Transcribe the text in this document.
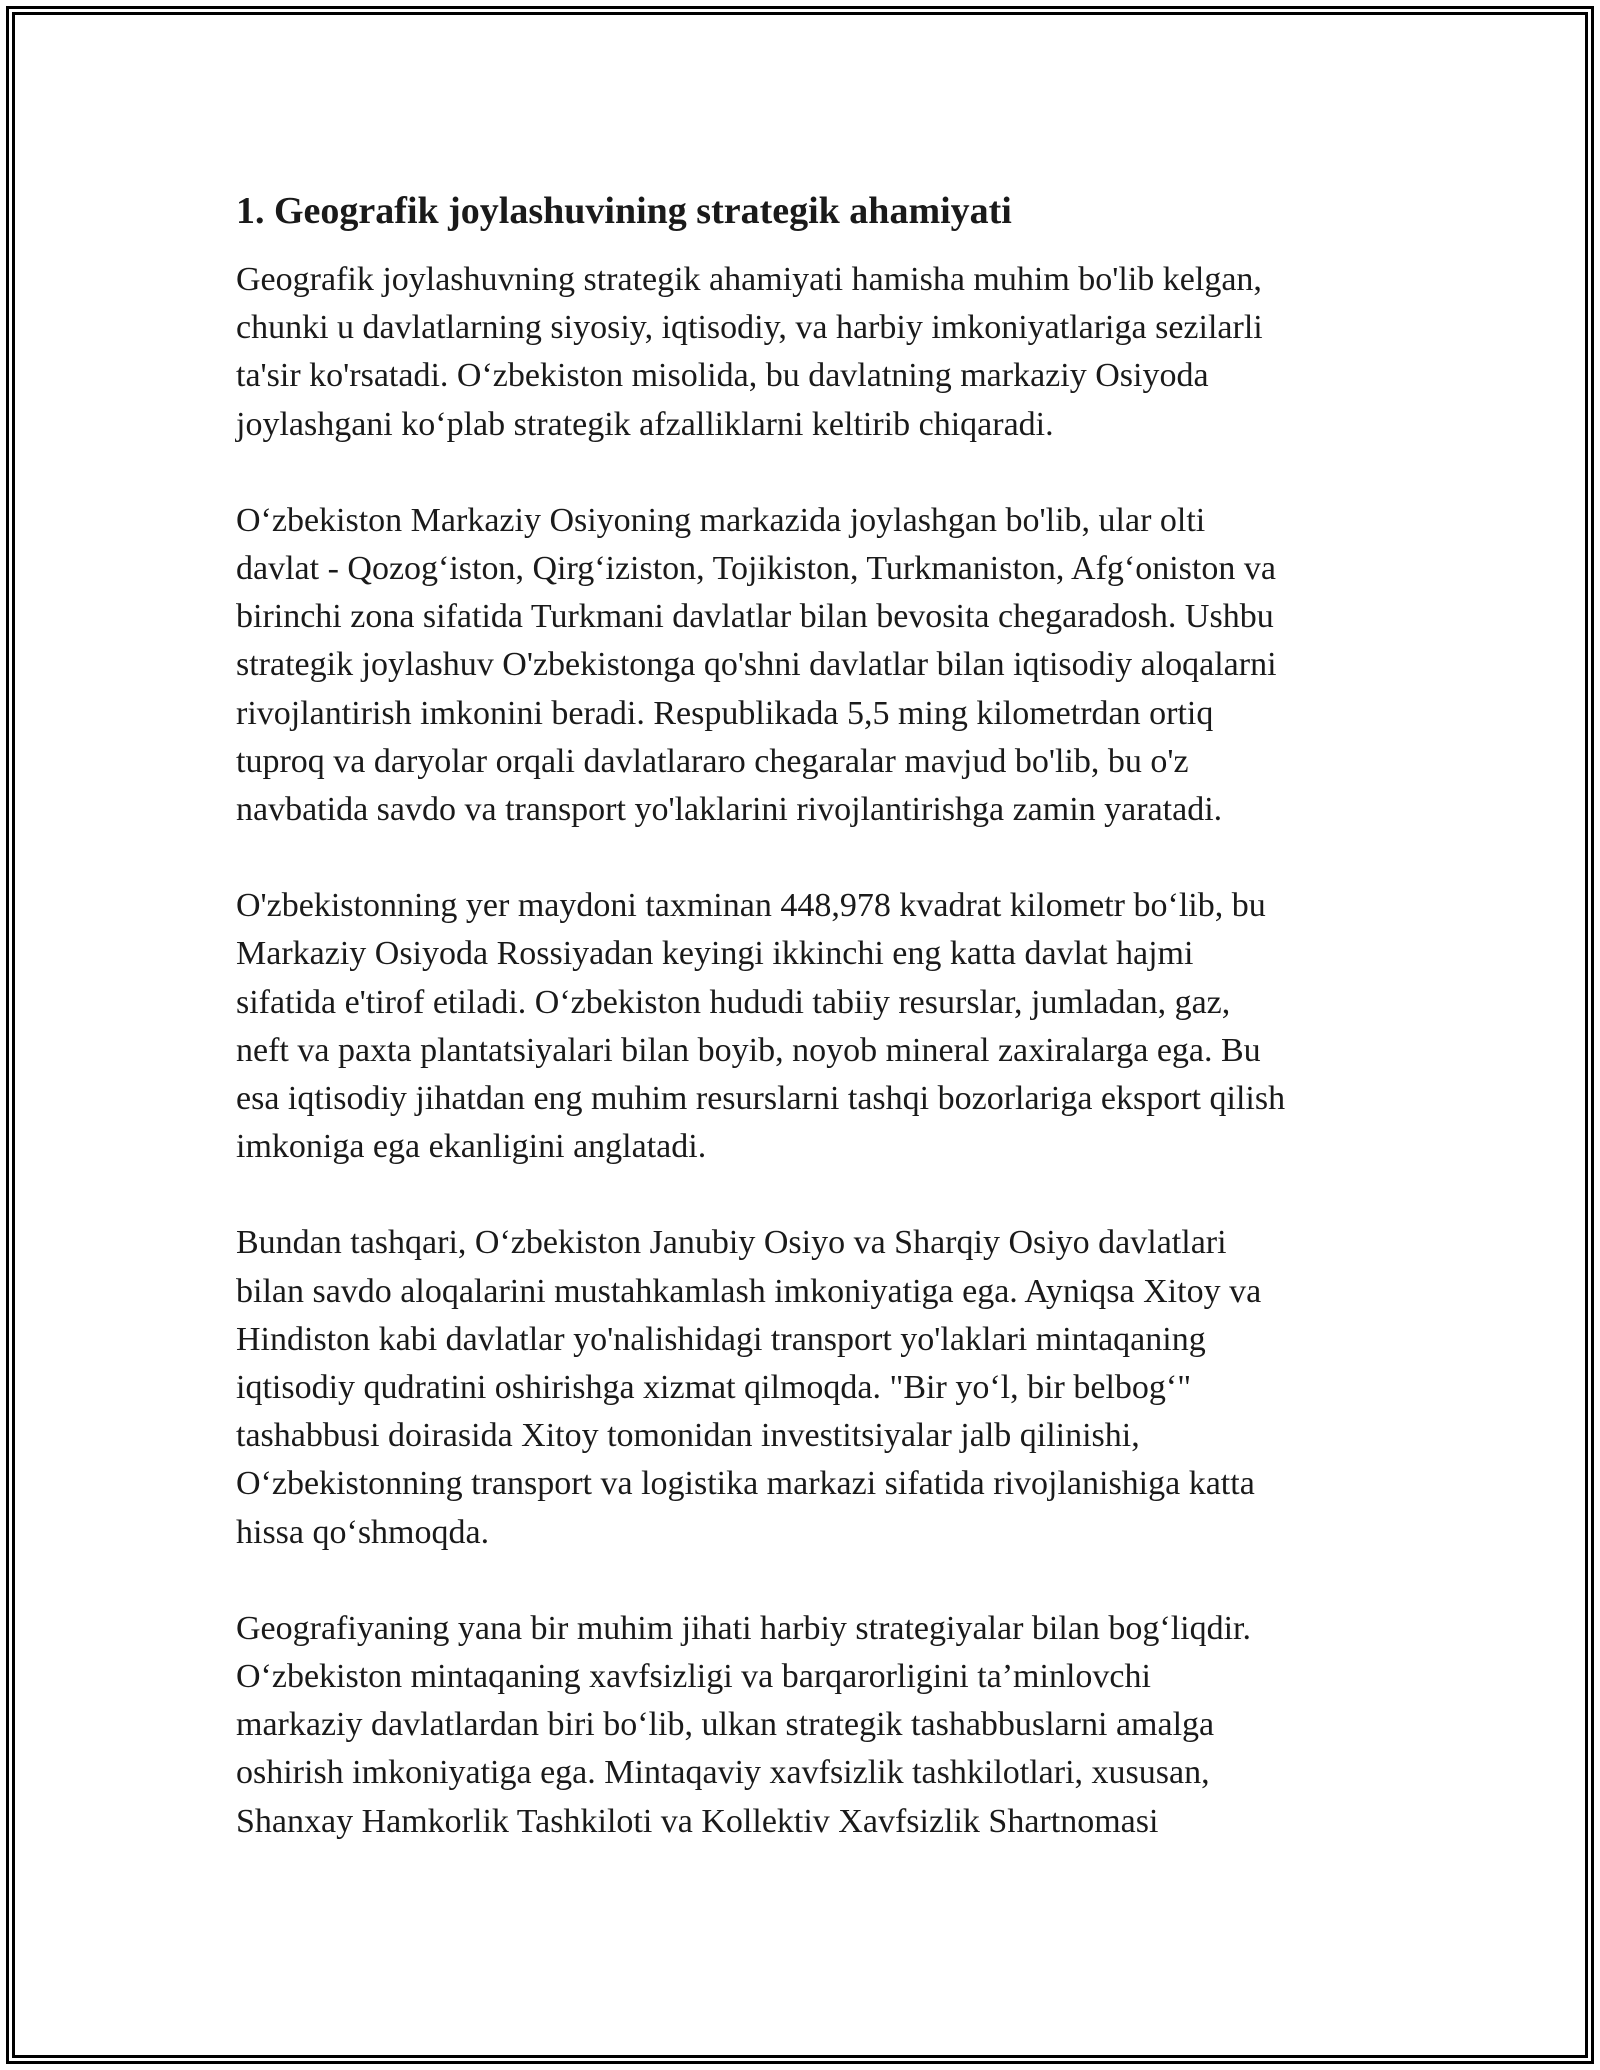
1. Geografik joylashuvining strategik ahamiyati
Geografik joylashuvning strategik ahamiyati hamisha muhim bo'lib kelgan,
chunki u davlatlarning siyosiy, iqtisodiy, va harbiy imkoniyatlariga sezilarli
ta'sir ko'rsatadi. O‘zbekiston misolida, bu davlatning markaziy Osiyoda
joylashgani ko‘plab strategik afzalliklarni keltirib chiqaradi.
O‘zbekiston Markaziy Osiyoning markazida joylashgan bo'lib, ular olti
davlat - Qozog‘iston, Qirg‘iziston, Tojikiston, Turkmaniston, Afg‘oniston va
birinchi zona sifatida Turkmani davlatlar bilan bevosita chegaradosh. Ushbu
strategik joylashuv O'zbekistonga qo'shni davlatlar bilan iqtisodiy aloqalarni
rivojlantirish imkonini beradi. Respublikada 5,5 ming kilometrdan ortiq
tuproq va daryolar orqali davlatlararo chegaralar mavjud bo'lib, bu o'z
navbatida savdo va transport yo'laklarini rivojlantirishga zamin yaratadi.
O'zbekistonning yer maydoni taxminan 448,978 kvadrat kilometr bo‘lib, bu
Markaziy Osiyoda Rossiyadan keyingi ikkinchi eng katta davlat hajmi
sifatida e'tirof etiladi. O‘zbekiston hududi tabiiy resurslar, jumladan, gaz,
neft va paxta plantatsiyalari bilan boyib, noyob mineral zaxiralarga ega. Bu
esa iqtisodiy jihatdan eng muhim resurslarni tashqi bozorlariga eksport qilish
imkoniga ega ekanligini anglatadi.
Bundan tashqari, O‘zbekiston Janubiy Osiyo va Sharqiy Osiyo davlatlari
bilan savdo aloqalarini mustahkamlash imkoniyatiga ega. Ayniqsa Xitoy va
Hindiston kabi davlatlar yo'nalishidagi transport yo'laklari mintaqaning
iqtisodiy qudratini oshirishga xizmat qilmoqda. "Bir yo‘l, bir belbog‘"
tashabbusi doirasida Xitoy tomonidan investitsiyalar jalb qilinishi,
O‘zbekistonning transport va logistika markazi sifatida rivojlanishiga katta
hissa qo‘shmoqda.
Geografiyaning yana bir muhim jihati harbiy strategiyalar bilan bog‘liqdir.
O‘zbekiston mintaqaning xavfsizligi va barqarorligini ta’minlovchi
markaziy davlatlardan biri bo‘lib, ulkan strategik tashabbuslarni amalga
oshirish imkoniyatiga ega. Mintaqaviy xavfsizlik tashkilotlari, xususan,
Shanxay Hamkorlik Tashkiloti va Kollektiv Xavfsizlik Shartnomasi
